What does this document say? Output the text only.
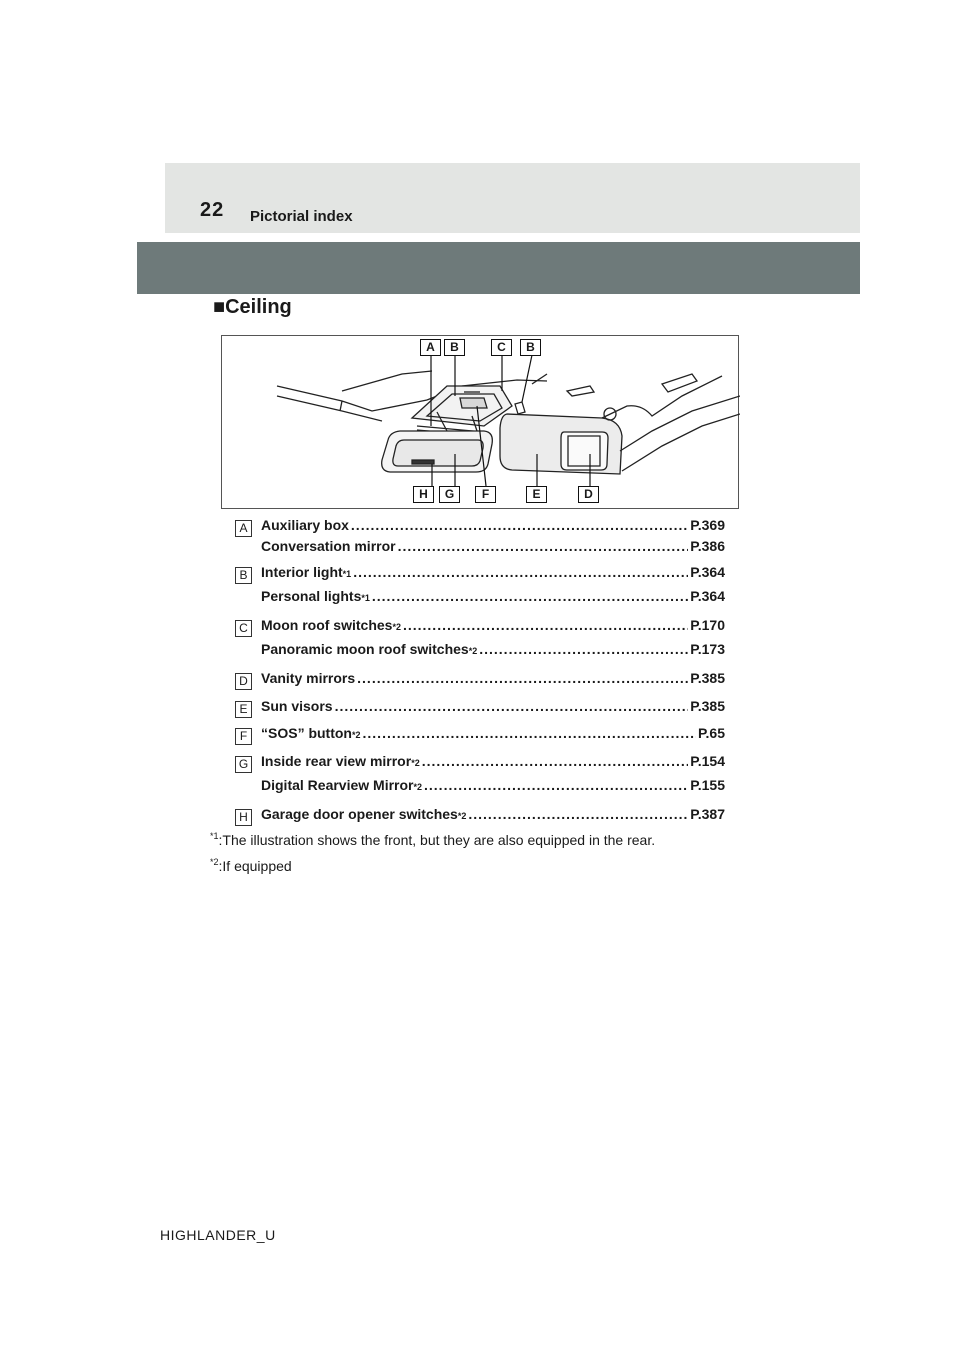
22 Pictorial index
■Ceiling
A	B	C	B
H	G	F	E	D
A Auxiliary box .....	P.369
Conversation mirror .....	P.386
B Interior light *1 .....	P.364
Personal lights *1 .....	P.364
C Moon roof switches *2 .....	P.170
Panoramic moon roof switches *2 .....	P.173
D Vanity mirrors .....	P.385
E Sun visors .....	P.385
F “SOS” button *2 .....	P.65
G Inside rear view mirror *2 .....	P.154
Digital Rearview Mirror *2 .....	P.155
H Garage door opener switches *2 .....	P.387
$^{*1}$:The illustration shows the front, but they are also equipped in the rear.
$^{*2}$:If equipped
HIGHLANDER_U
